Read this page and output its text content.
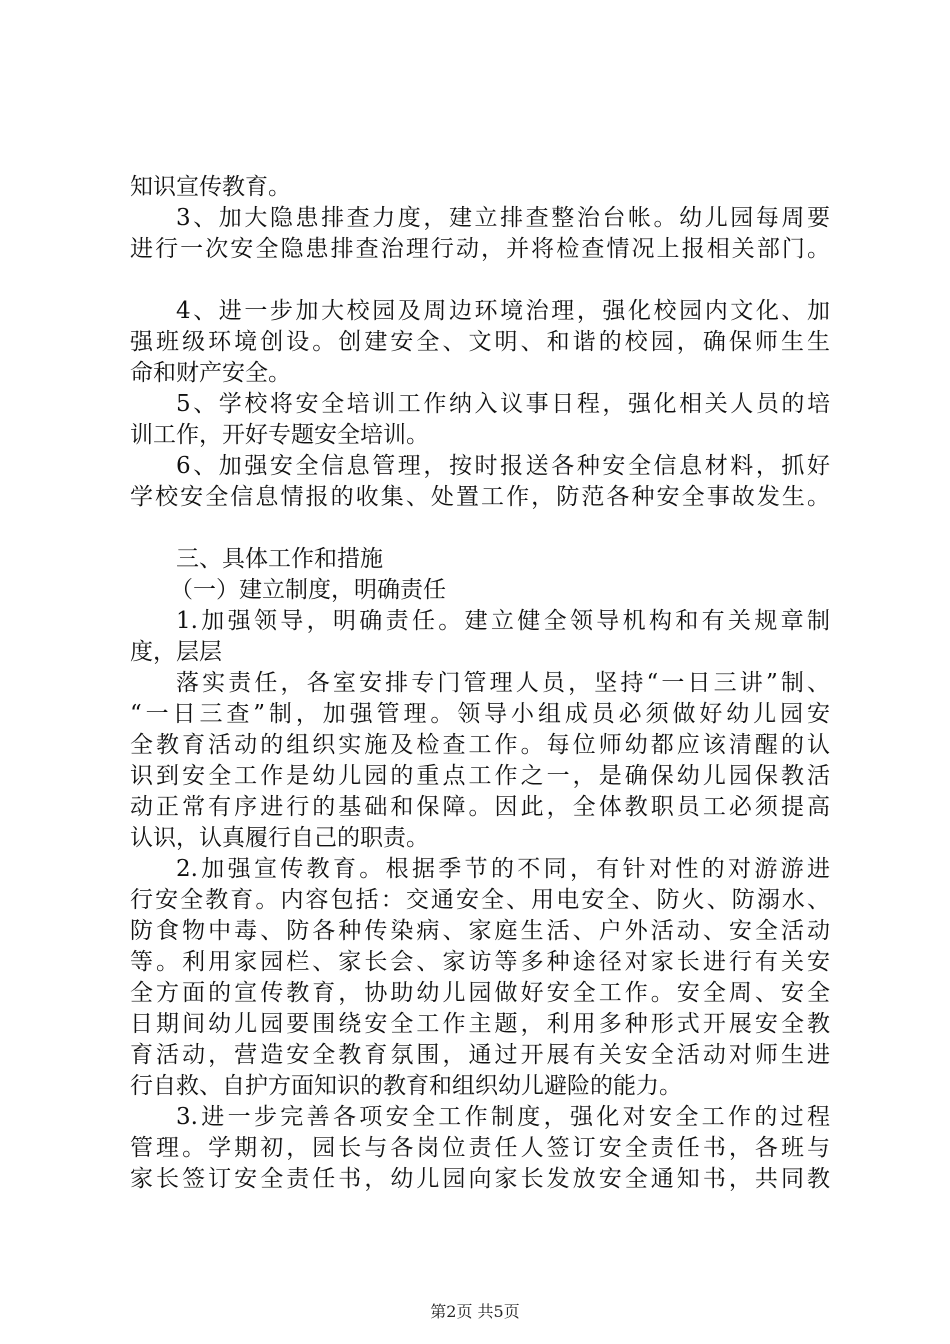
知识宣传教育。
3、加大隐患排查力度，建立排查整治台帐。幼儿园每周要
进行一次安全隐患排查治理行动，并将检查情况上报相关部门。
4、进一步加大校园及周边环境治理，强化校园内文化、加
强班级环境创设。创建安全、文明、和谐的校园，确保师生生
命和财产安全。
5、学校将安全培训工作纳入议事日程，强化相关人员的培
训工作，开好专题安全培训。
6、加强安全信息管理，按时报送各种安全信息材料，抓好
学校安全信息情报的收集、处置工作，防范各种安全事故发生。
三、具体工作和措施
（一）建立制度，明确责任
1.加强领导，明确责任。建立健全领导机构和有关规章制
度，层层
落实责任，各室安排专门管理人员，坚持“一日三讲”制、
“一日三查”制，加强管理。领导小组成员必须做好幼儿园安
全教育活动的组织实施及检查工作。每位师幼都应该清醒的认
识到安全工作是幼儿园的重点工作之一，是确保幼儿园保教活
动正常有序进行的基础和保障。因此，全体教职员工必须提高
认识，认真履行自己的职责。
2.加强宣传教育。根据季节的不同，有针对性的对游游进
行安全教育。内容包括：交通安全、用电安全、防火、防溺水、
防食物中毒、防各种传染病、家庭生活、户外活动、安全活动
等。利用家园栏、家长会、家访等多种途径对家长进行有关安
全方面的宣传教育，协助幼儿园做好安全工作。安全周、安全
日期间幼儿园要围绕安全工作主题，利用多种形式开展安全教
育活动，营造安全教育氛围，通过开展有关安全活动对师生进
行自救、自护方面知识的教育和组织幼儿避险的能力。
3.进一步完善各项安全工作制度，强化对安全工作的过程
管理。学期初，园长与各岗位责任人签订安全责任书，各班与
家长签订安全责任书，幼儿园向家长发放安全通知书，共同教
第2页 共5页
